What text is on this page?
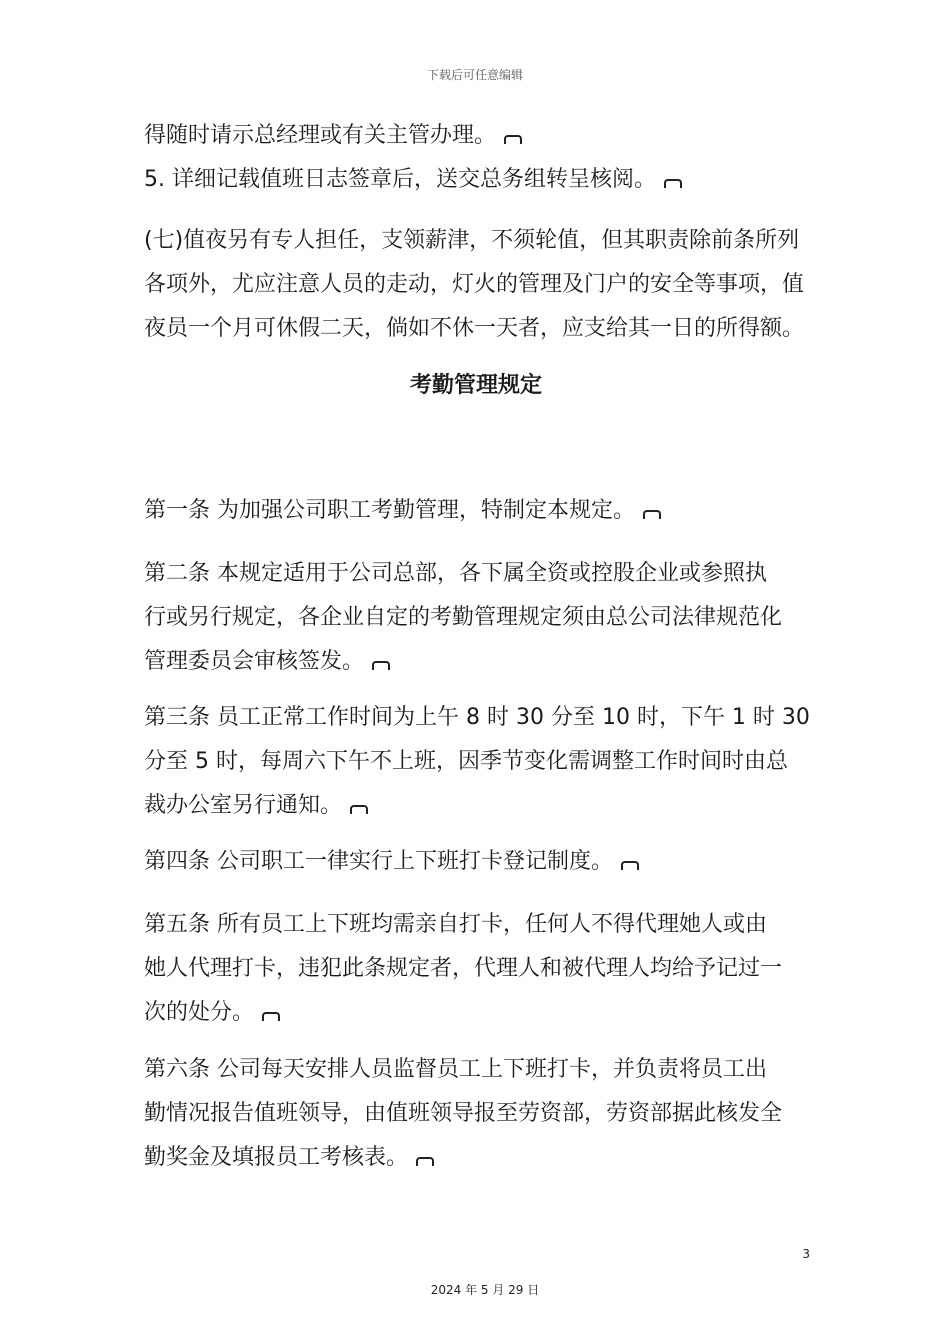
下载后可任意编辑
得随时请示总经理或有关主管办理。
5. 详细记载值班日志签章后，送交总务组转呈核阅。
(七)值夜另有专人担任，支领薪津，不须轮值，但其职责除前条所列
各项外，尤应注意人员的走动，灯火的管理及门户的安全等事项，值
夜员一个月可休假二天，倘如不休一天者，应支给其一日的所得额。
考勤管理规定
第一条 为加强公司职工考勤管理，特制定本规定。
第二条 本规定适用于公司总部，各下属全资或控股企业或参照执
行或另行规定，各企业自定的考勤管理规定须由总公司法律规范化
管理委员会审核签发。
第三条 员工正常工作时间为上午 8 时 30 分至 10 时，下午 1 时 30
分至 5 时，每周六下午不上班，因季节变化需调整工作时间时由总
裁办公室另行通知。
第四条 公司职工一律实行上下班打卡登记制度。
第五条 所有员工上下班均需亲自打卡，任何人不得代理她人或由
她人代理打卡，违犯此条规定者，代理人和被代理人均给予记过一
次的处分。
第六条 公司每天安排人员监督员工上下班打卡，并负责将员工出
勤情况报告值班领导，由值班领导报至劳资部，劳资部据此核发全
勤奖金及填报员工考核表。
3
2024 年 5 月 29 日
